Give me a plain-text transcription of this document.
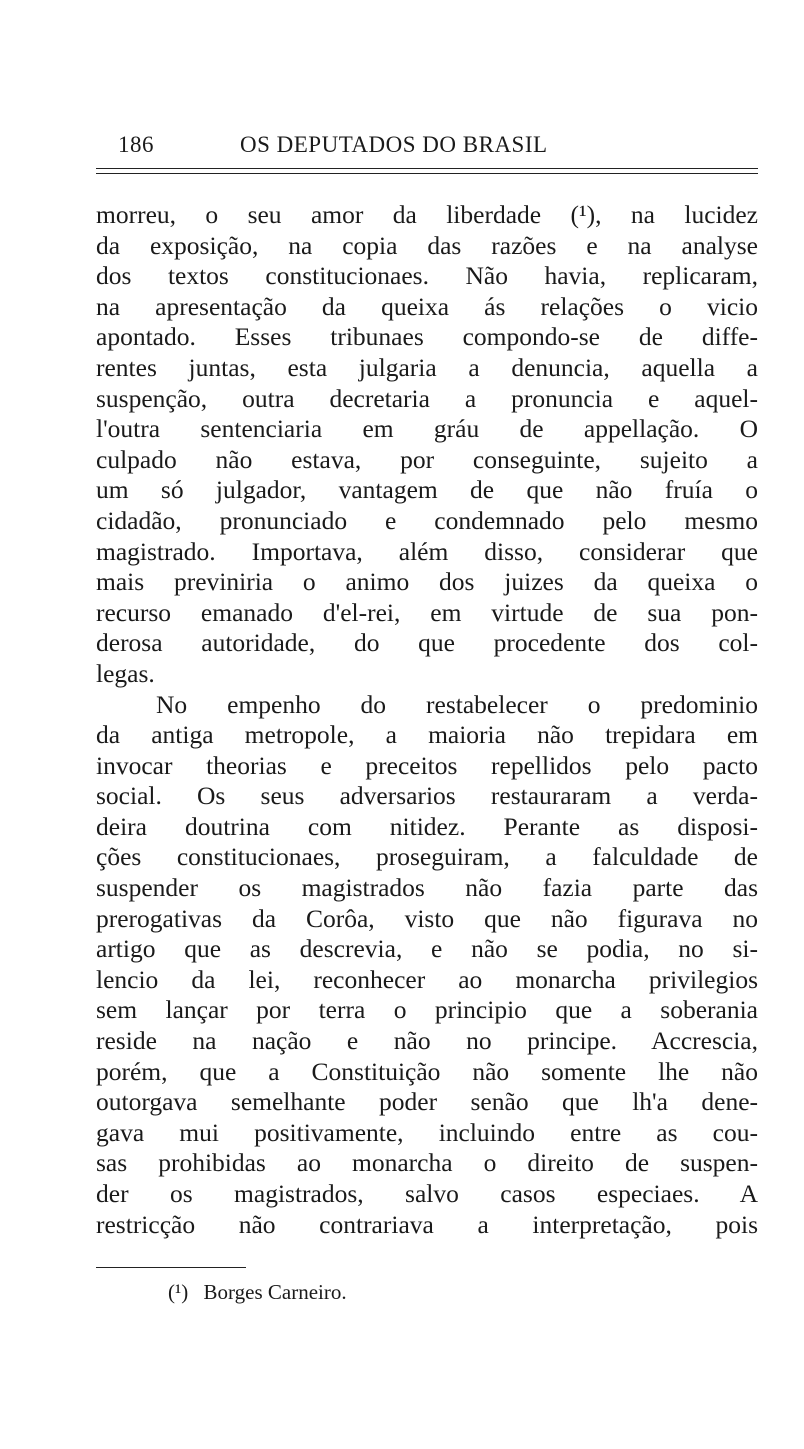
186	OS DEPUTADOS DO BRASIL
morreu, o seu amor da liberdade (¹), na lucidez
da exposição, na copia das razões e na analyse
dos textos constitucionaes. Não havia, replicaram,
na apresentação da queixa ás relações o vicio
apontado. Esses tribunaes compondo-se de diffe-
rentes juntas, esta julgaria a denuncia, aquella a
suspenção, outra decretaria a pronuncia e aquel-
l'outra sentenciaria em gráu de appellação. O
culpado não estava, por conseguinte, sujeito a
um só julgador, vantagem de que não fruía o
cidadão, pronunciado e condemnado pelo mesmo
magistrado. Importava, além disso, considerar que
mais previniria o animo dos juizes da queixa o
recurso emanado d'el-rei, em virtude de sua pon-
derosa autoridade, do que procedente dos col-
legas.
No empenho do restabelecer o predominio
da antiga metropole, a maioria não trepidara em
invocar theorias e preceitos repellidos pelo pacto
social. Os seus adversarios restauraram a verda-
deira doutrina com nitidez. Perante as disposi-
ções constitucionaes, proseguiram, a falculdade de
suspender os magistrados não fazia parte das
prerogativas da Corôa, visto que não figurava no
artigo que as descrevia, e não se podia, no si-
lencio da lei, reconhecer ao monarcha privilegios
sem lançar por terra o principio que a soberania
reside na nação e não no principe. Accrescia,
porém, que a Constituição não somente lhe não
outorgava semelhante poder senão que lh'a dene-
gava mui positivamente, incluindo entre as cou-
sas prohibidas ao monarcha o direito de suspen-
der os magistrados, salvo casos especiaes. A
restricção não contrariava a interpretação, pois
(¹) Borges Carneiro.
